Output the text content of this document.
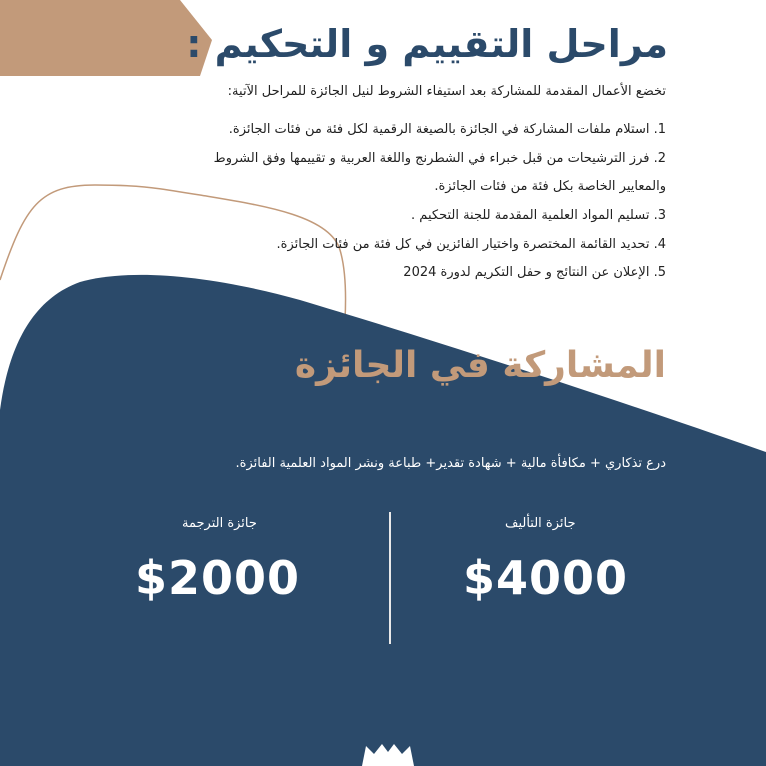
مراحل التقييم و التحكيم :
تخضع الأعمال المقدمة للمشاركة بعد استيفاء الشروط لنيل الجائزة للمراحل الآتية:
1. استلام ملفات المشاركة في الجائزة بالصيغة الرقمية لكل فئة من فئات الجائزة.
2. فرز الترشيحات من قبل خبراء في الشطرنج واللغة العربية و تقييمها وفق الشروط
والمعايير الخاصة بكل فئة من فئات الجائزة.
3. تسليم المواد العلمية المقدمة للجنة التحكيم .
4. تحديد القائمة المختصرة واختيار الفائزين في كل فئة من فئات الجائزة.
5. الإعلان عن النتائج و حفل التكريم لدورة 2024
المشاركة في الجائزة
درع تذكاري + مكافأة مالية + شهادة تقدير+ طباعة ونشر المواد العلمية الفائزة.
جائزة التأليف
$4000
جائزة الترجمة
$2000
